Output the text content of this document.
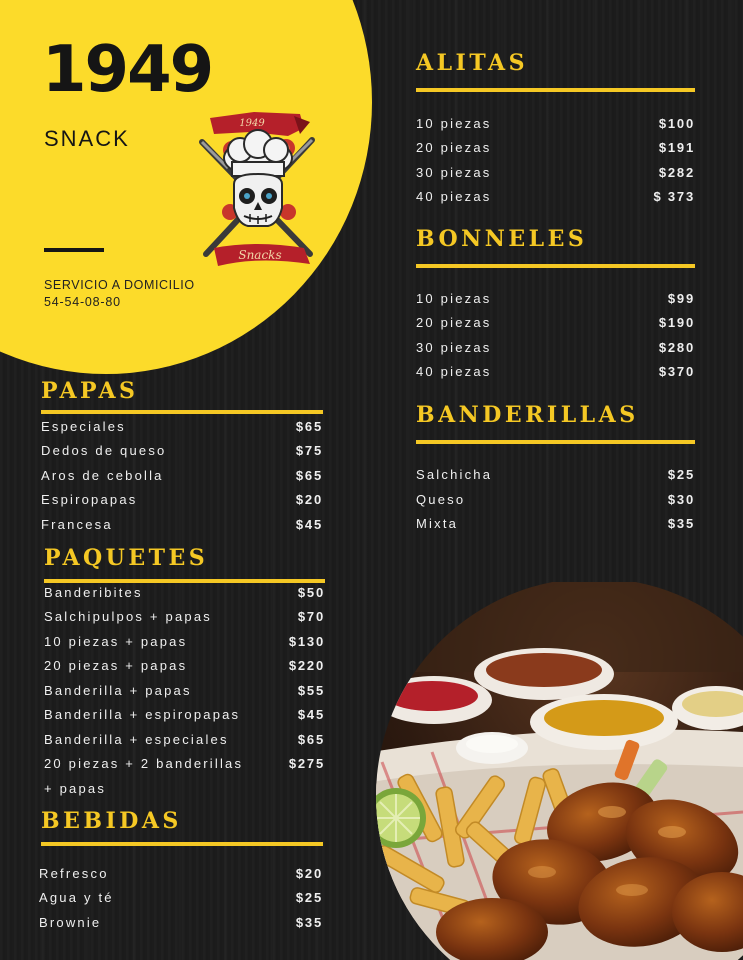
1949
SNACK
SERVICIO A DOMICILIO
54-54-08-80
1949
Snacks
PAPAS
Especiales	$65
Dedos de queso	$75
Aros de cebolla	$65
Espiropapas	$20
Francesa	$45
PAQUETES
Banderibites	$50
Salchipulpos + papas	$70
10 piezas + papas	$130
20 piezas + papas	$220
Banderilla + papas	$55
Banderilla + espiropapas	$45
Banderilla + especiales	$65
20 piezas + 2 banderillas	$275
+ papas
BEBIDAS
Refresco	$20
Agua y té	$25
Brownie	$35
ALITAS
10 piezas	$100
20 piezas	$191
30 piezas	$282
40 piezas	$ 373
BONNELES
10 piezas	$99
20 piezas	$190
30 piezas	$280
40 piezas	$370
BANDERILLAS
Salchicha	$25
Queso	$30
Mixta	$35
